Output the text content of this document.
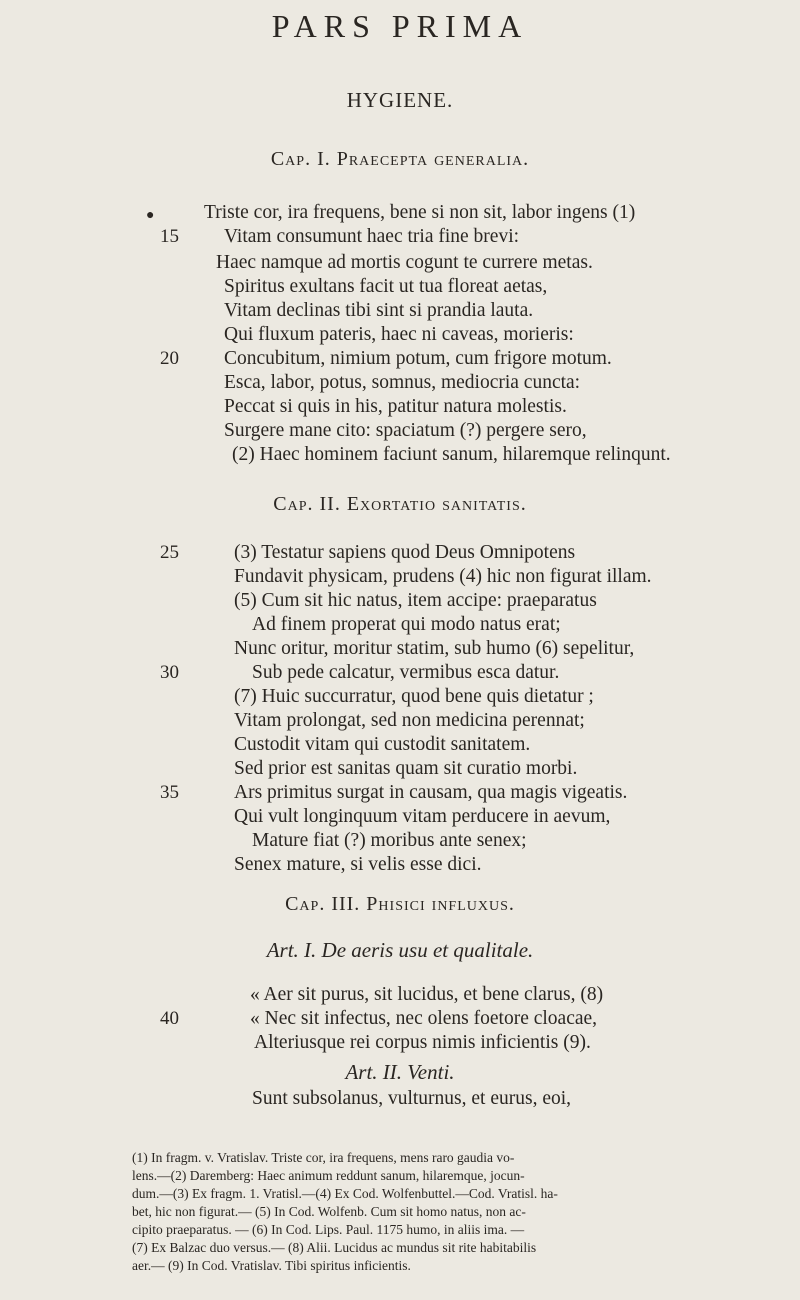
PARS PRIMA
HYGIENE.
Cap. I. Praecepta generalia.
●	Triste cor, ira frequens, bene si non sit, labor ingens (1)
15	Vitam consumunt haec tria fine brevi:
Haec namque ad mortis cogunt te currere metas.
Spiritus exultans facit ut tua floreat aetas,
Vitam declinas tibi sint si prandia lauta.
Qui fluxum pateris, haec ni caveas, morieris:
20	Concubitum, nimium potum, cum frigore motum.
Esca, labor, potus, somnus, mediocria cuncta:
Peccat si quis in his, patitur natura molestis.
Surgere mane cito: spaciatum (?) pergere sero,
(2) Haec hominem faciunt sanum, hilaremque relinqunt.
Cap. II. Exortatio sanitatis.
25	(3) Testatur sapiens quod Deus Omnipotens
Fundavit physicam, prudens (4) hic non figurat illam.
(5) Cum sit hic natus, item accipe: praeparatus
Ad finem properat qui modo natus erat;
Nunc oritur, moritur statim, sub humo (6) sepelitur,
30	Sub pede calcatur, vermibus esca datur.
(7) Huic succurratur, quod bene quis dietatur ;
Vitam prolongat, sed non medicina perennat;
Custodit vitam qui custodit sanitatem.
Sed prior est sanitas quam sit curatio morbi.
35	Ars primitus surgat in causam, qua magis vigeatis.
Qui vult longinquum vitam perducere in aevum,
Mature fiat (?) moribus ante senex;
Senex mature, si velis esse dici.
Cap. III. Phisici influxus.
Art. I. De aeris usu et qualitale.
« Aer sit purus, sit lucidus, et bene clarus, (8)
40	« Nec sit infectus, nec olens foetore cloacae,
Alteriusque rei corpus nimis inficientis (9).
Art. II. Venti.
Sunt subsolanus, vulturnus, et eurus, eoi,
(1) In fragm. v. Vratislav. Triste cor, ira frequens, mens raro gaudia vo-
lens.—(2) Daremberg: Haec animum reddunt sanum, hilaremque, jocun-
dum.—(3) Ex fragm. 1. Vratisl.—(4) Ex Cod. Wolfenbuttel.—Cod. Vratisl. ha-
bet, hic non figurat.— (5) In Cod. Wolfenb. Cum sit homo natus, non ac-
cipito praeparatus. — (6) In Cod. Lips. Paul. 1175 humo, in aliis ima. —
(7) Ex Balzac duo versus.— (8) Alii. Lucidus ac mundus sit rite habitabilis
aer.— (9) In Cod. Vratislav. Tibi spiritus inficientis.
